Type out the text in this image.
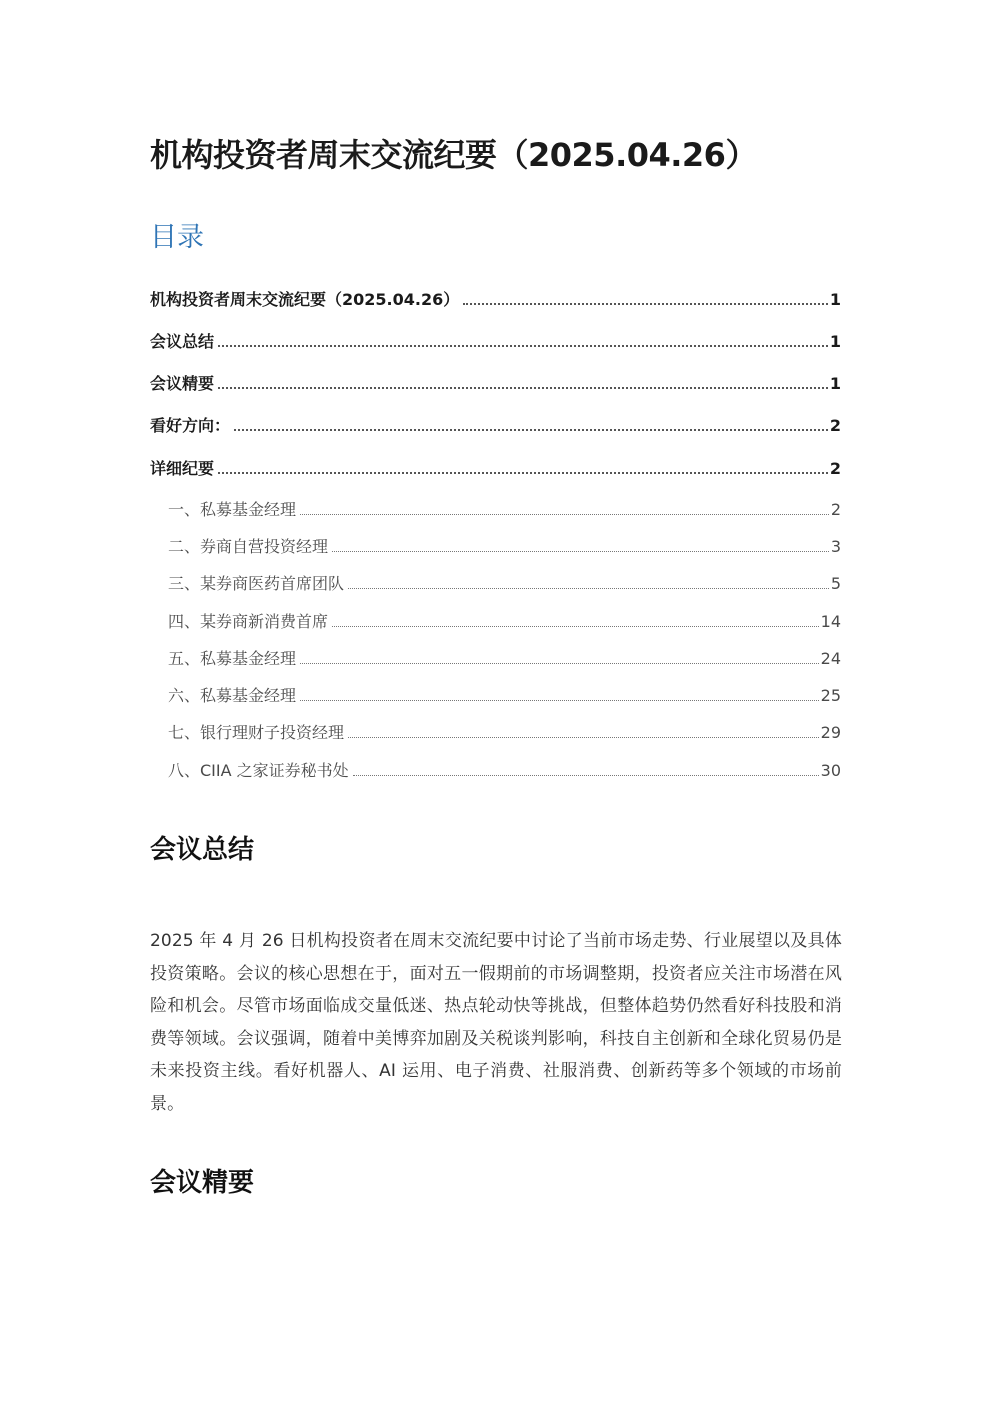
机构投资者周末交流纪要（2025.04.26）
目录
机构投资者周末交流纪要（2025.04.26）	1
会议总结	1
会议精要	1
看好方向：	2
详细纪要	2
一、私募基金经理	2
二、券商自营投资经理	3
三、某券商医药首席团队	5
四、某券商新消费首席	14
五、私募基金经理	24
六、私募基金经理	25
七、银行理财子投资经理	29
八、CIIA 之家证券秘书处	30
会议总结
2025 年 4 月 26 日机构投资者在周末交流纪要中讨论了当前市场走势、行业展望以及具体投资策略。会议的核心思想在于，面对五一假期前的市场调整期，投资者应关注市场潜在风险和机会。尽管市场面临成交量低迷、热点轮动快等挑战，但整体趋势仍然看好科技股和消费等领域。会议强调，随着中美博弈加剧及关税谈判影响，科技自主创新和全球化贸易仍是未来投资主线。看好机器人、AI 运用、电子消费、社服消费、创新药等多个领域的市场前景。
会议精要
